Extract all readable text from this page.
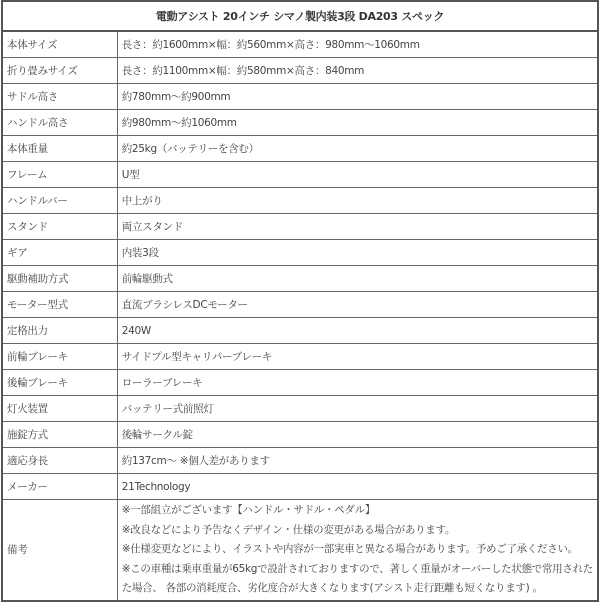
電動アシスト 20インチ シマノ製内装3段 DA203 スペック
本体サイズ	長さ：約1600mm×幅：約560mm×高さ：980mm～1060mm
折り畳みサイズ	長さ：約1100mm×幅：約580mm×高さ：840mm
サドル高さ	約780mm～約900mm
ハンドル高さ	約980mm～約1060mm
本体重量	約25kg（バッテリーを含む）
フレーム	U型
ハンドルバー	中上がり
スタンド	両立スタンド
ギア	内装3段
駆動補助方式	前輪駆動式
モーター型式	直流ブラシレスDCモーター
定格出力	240W
前輪ブレーキ	サイドプル型キャリパーブレーキ
後輪ブレーキ	ローラーブレーキ
灯火装置	バッテリー式前照灯
施錠方式	後輪サークル錠
適応身長	約137cm～ ※個人差があります
メーカー	21Technology
備考	
※一部組立がございます【ハンドル・サドル・ペダル】
※改良などにより予告なくデザイン・仕様の変更がある場合があります。
※仕様変更などにより、イラストや内容が一部実車と異なる場合があります。予めご了承ください。
※この車種は乗車重量が65kgで設計されておりますので、著しく重量がオーバーした状態で常用された
た場合、 各部の消耗度合、劣化度合が大きくなります(アシスト走行距離も短くなります) 。
